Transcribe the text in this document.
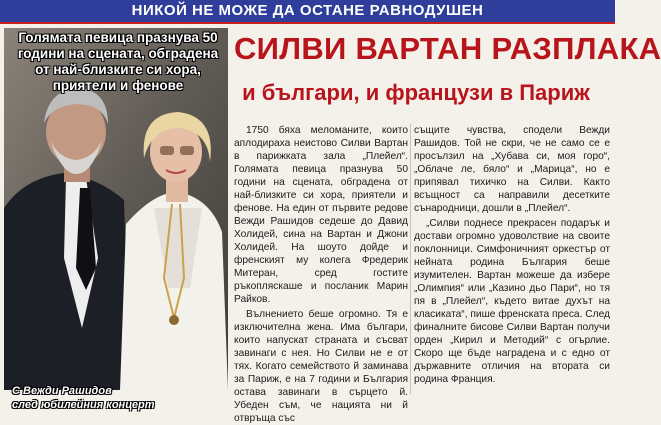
НИКОЙ НЕ МОЖЕ ДА ОСТАНЕ РАВНОДУШЕН
Голямата певица празнува 50 години на сцената, обградена от най-близките си хора, приятели и фенове
С Вежди Рашидов
след юбилейния концерт
СИЛВИ ВАРТАН РАЗПЛАКА
и българи, и французи в Париж

1750 бяха меломаните, които аплодираха неистово Силви Вартан в парижката зала „Плейел“. Голямата певица празнува 50 години на сцената, обградена от най-близките си хора, приятели и фенове. На един от първите редове Вежди Рашидов седеше до Давид Холидей, сина на Вартан и Джони Холидей. На шоуто дойде и френският му колега Фредерик Митеран, сред гостите ръкопляскаше и посланик Марин Райков.

Вълнението беше огромно. Тя е изключителна жена. Има българи, които напускат страната и съсват завинаги с нея. Но Силви не е от тях. Когато семейството й заминава за Париж, е на 7 години и България остава завинаги в сърцето й. Убеден съм, че нацията ни й отвръща със

същите чувства, сподели Вежди Рашидов. Той не скри, че не само се е просълзил на „Хубава си, моя горо“, „Облаче ле, бяло“ и „Марица“, но е припявал тихичко на Силви. Както всъщност са направили десетките сънародници, дошли в „Плейел“.

„Силви поднесе прекрасен подарък и достави огромно удоволствие на своите поклонници. Симфоничният оркестър от нейната родина България беше изумителен. Вартан можеше да избере „Олимпия“ или „Казино дьо Пари“, но тя пя в „Плейел“, където витае духът на класиката“, пише френската преса. След финалните бисове Силви Вартан получи орден „Кирил и Методий“ с огърлие. Скоро ще бъде наградена и с едно от държавните отличия на втората си родина Франция.
